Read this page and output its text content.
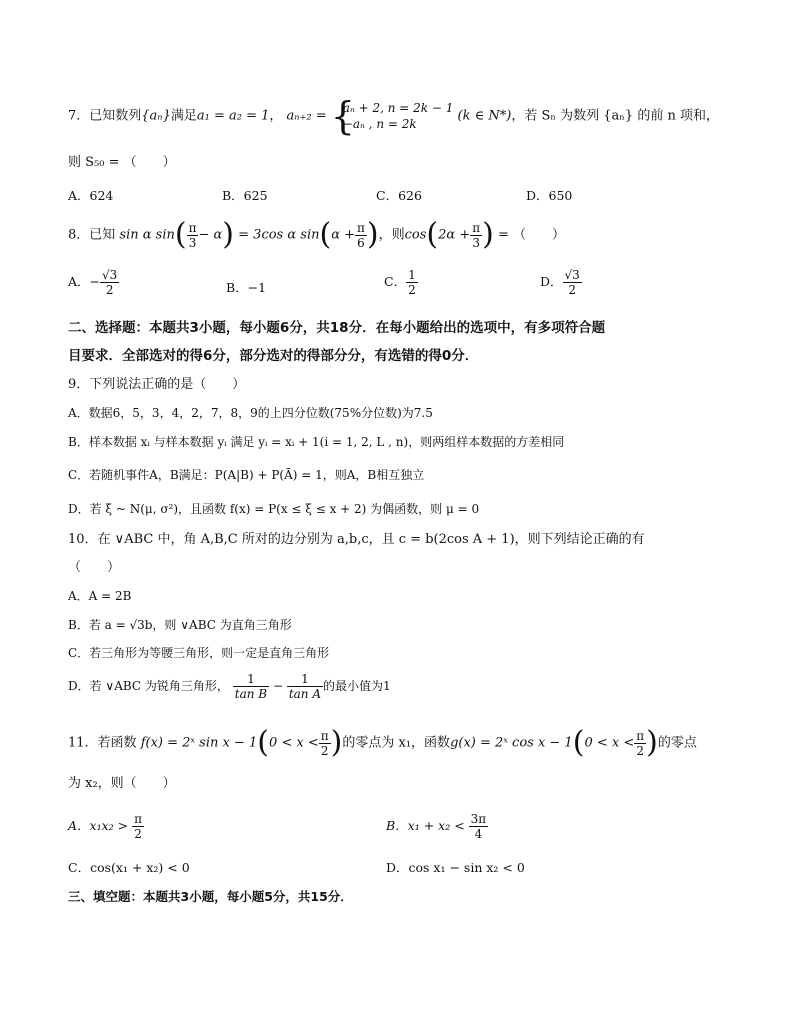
7．已知数列{aₙ}满足a₁ = a₂ = 1， aₙ₊₂ = {
aₙ + 2, n = 2k − 1
−aₙ , n = 2k
(k ∈ N*)，若 Sₙ 为数列 {aₙ} 的前 n 项和，
则 S₅₀ = （　　）
A．624	B．625	C．626	D．650
8．已知 sin α $\sin( \frac{\pi}{3} - \alpha) = 3\cos$ α $\sin(\alpha + \frac{\pi}{6}$ )，则$\cos(2\alpha + \frac{\pi}{3}$ ) = （　　）
A．− $\frac{√3}{2}$	B．−1	C． $\frac{1}{2}$	D． $\frac{√3}{2}$
二、选择题：本题共3小题，每小题6分，共18分．在每小题给出的选项中，有多项符合题
目要求．全部选对的得6分，部分选对的得部分分，有选错的得0分．
9．下列说法正确的是（　　）
A．数据6，5，3，4，2，7，8，9的上四分位数(75%分位数)为7.5
B．样本数据 xᵢ 与样本数据 yᵢ 满足 yᵢ = xᵢ + 1(i = 1, 2, L , n)，则两组样本数据的方差相同
C．若随机事件A，B满足：P(A|B) + P(Ā) = 1，则A，B相互独立
D．若 ξ ~ N(μ, σ²)，且函数 f(x) = P(x ≤ ξ ≤ x + 2) 为偶函数，则 μ = 0
10．在 ∨ABC 中，角 A,B,C 所对的边分别为 a,b,c，且 c = b(2cos A + 1)，则下列结论正确的有
（　　）
A．A = 2B
B．若 a = √3b，则 ∨ABC 为直角三角形
C．若三角形为等腰三角形，则一定是直角三角形
D．若 ∨ABC 为锐角三角形， $\frac{1}{\text{tan B}} - \frac{1}{\text{tan A}}$ 的最小值为1
11．若函数 f(x) = 2ˣ $\sin x - 1(0 < x < \frac{\pi}{2}$ )的零点为 x₁，函数g(x) = 2ˣ $\cos x - 1(0 < x < \frac{\pi}{2}$ )的零点
为 x₂，则（　　）
A．$x_1x_2 > \frac{\pi}{2}$	B．$x_1 + x_2 < \frac{3\pi}{4}$
C．cos(x₁ + x₂) < 0	D．cos x₁ − sin x₂ < 0
三、填空题：本题共3小题，每小题5分，共15分．
